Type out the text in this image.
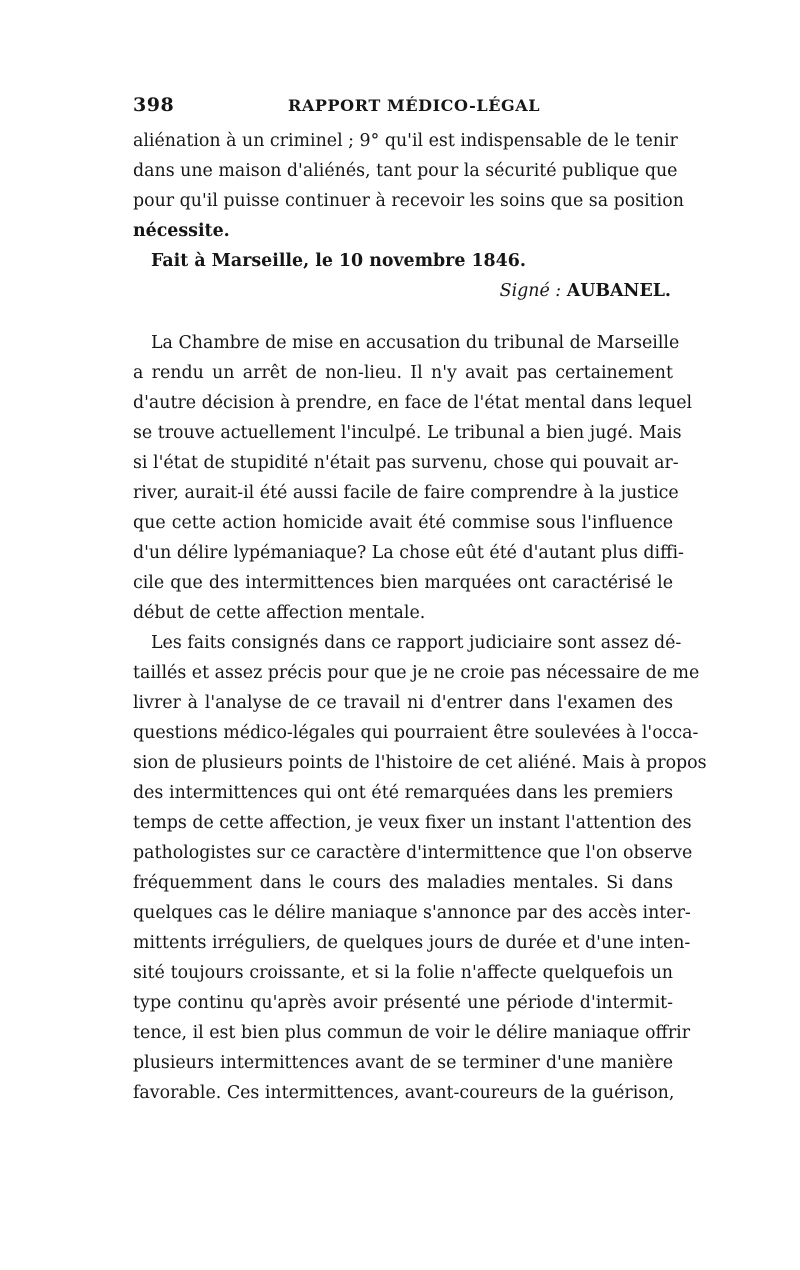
398	RAPPORT MÉDICO-LÉGAL
aliénation à un criminel ; 9° qu'il est indispensable de le tenir
dans une maison d'aliénés, tant pour la sécurité publique que
pour qu'il puisse continuer à recevoir les soins que sa position
nécessite.
Fait à Marseille, le 10 novembre 1846.
Signé : AUBANEL.
La Chambre de mise en accusation du tribunal de Marseille
a rendu un arrêt de non-lieu. Il n'y avait pas certainement
d'autre décision à prendre, en face de l'état mental dans lequel
se trouve actuellement l'inculpé. Le tribunal a bien jugé. Mais
si l'état de stupidité n'était pas survenu, chose qui pouvait ar-
river, aurait-il été aussi facile de faire comprendre à la justice
que cette action homicide avait été commise sous l'influence
d'un délire lypémaniaque? La chose eût été d'autant plus diffi-
cile que des intermittences bien marquées ont caractérisé le
début de cette affection mentale.
Les faits consignés dans ce rapport judiciaire sont assez dé-
taillés et assez précis pour que je ne croie pas nécessaire de me
livrer à l'analyse de ce travail ni d'entrer dans l'examen des
questions médico-légales qui pourraient être soulevées à l'occa-
sion de plusieurs points de l'histoire de cet aliéné. Mais à propos
des intermittences qui ont été remarquées dans les premiers
temps de cette affection, je veux fixer un instant l'attention des
pathologistes sur ce caractère d'intermittence que l'on observe
fréquemment dans le cours des maladies mentales. Si dans
quelques cas le délire maniaque s'annonce par des accès inter-
mittents irréguliers, de quelques jours de durée et d'une inten-
sité toujours croissante, et si la folie n'affecte quelquefois un
type continu qu'après avoir présenté une période d'intermit-
tence, il est bien plus commun de voir le délire maniaque offrir
plusieurs intermittences avant de se terminer d'une manière
favorable. Ces intermittences, avant-coureurs de la guérison,
